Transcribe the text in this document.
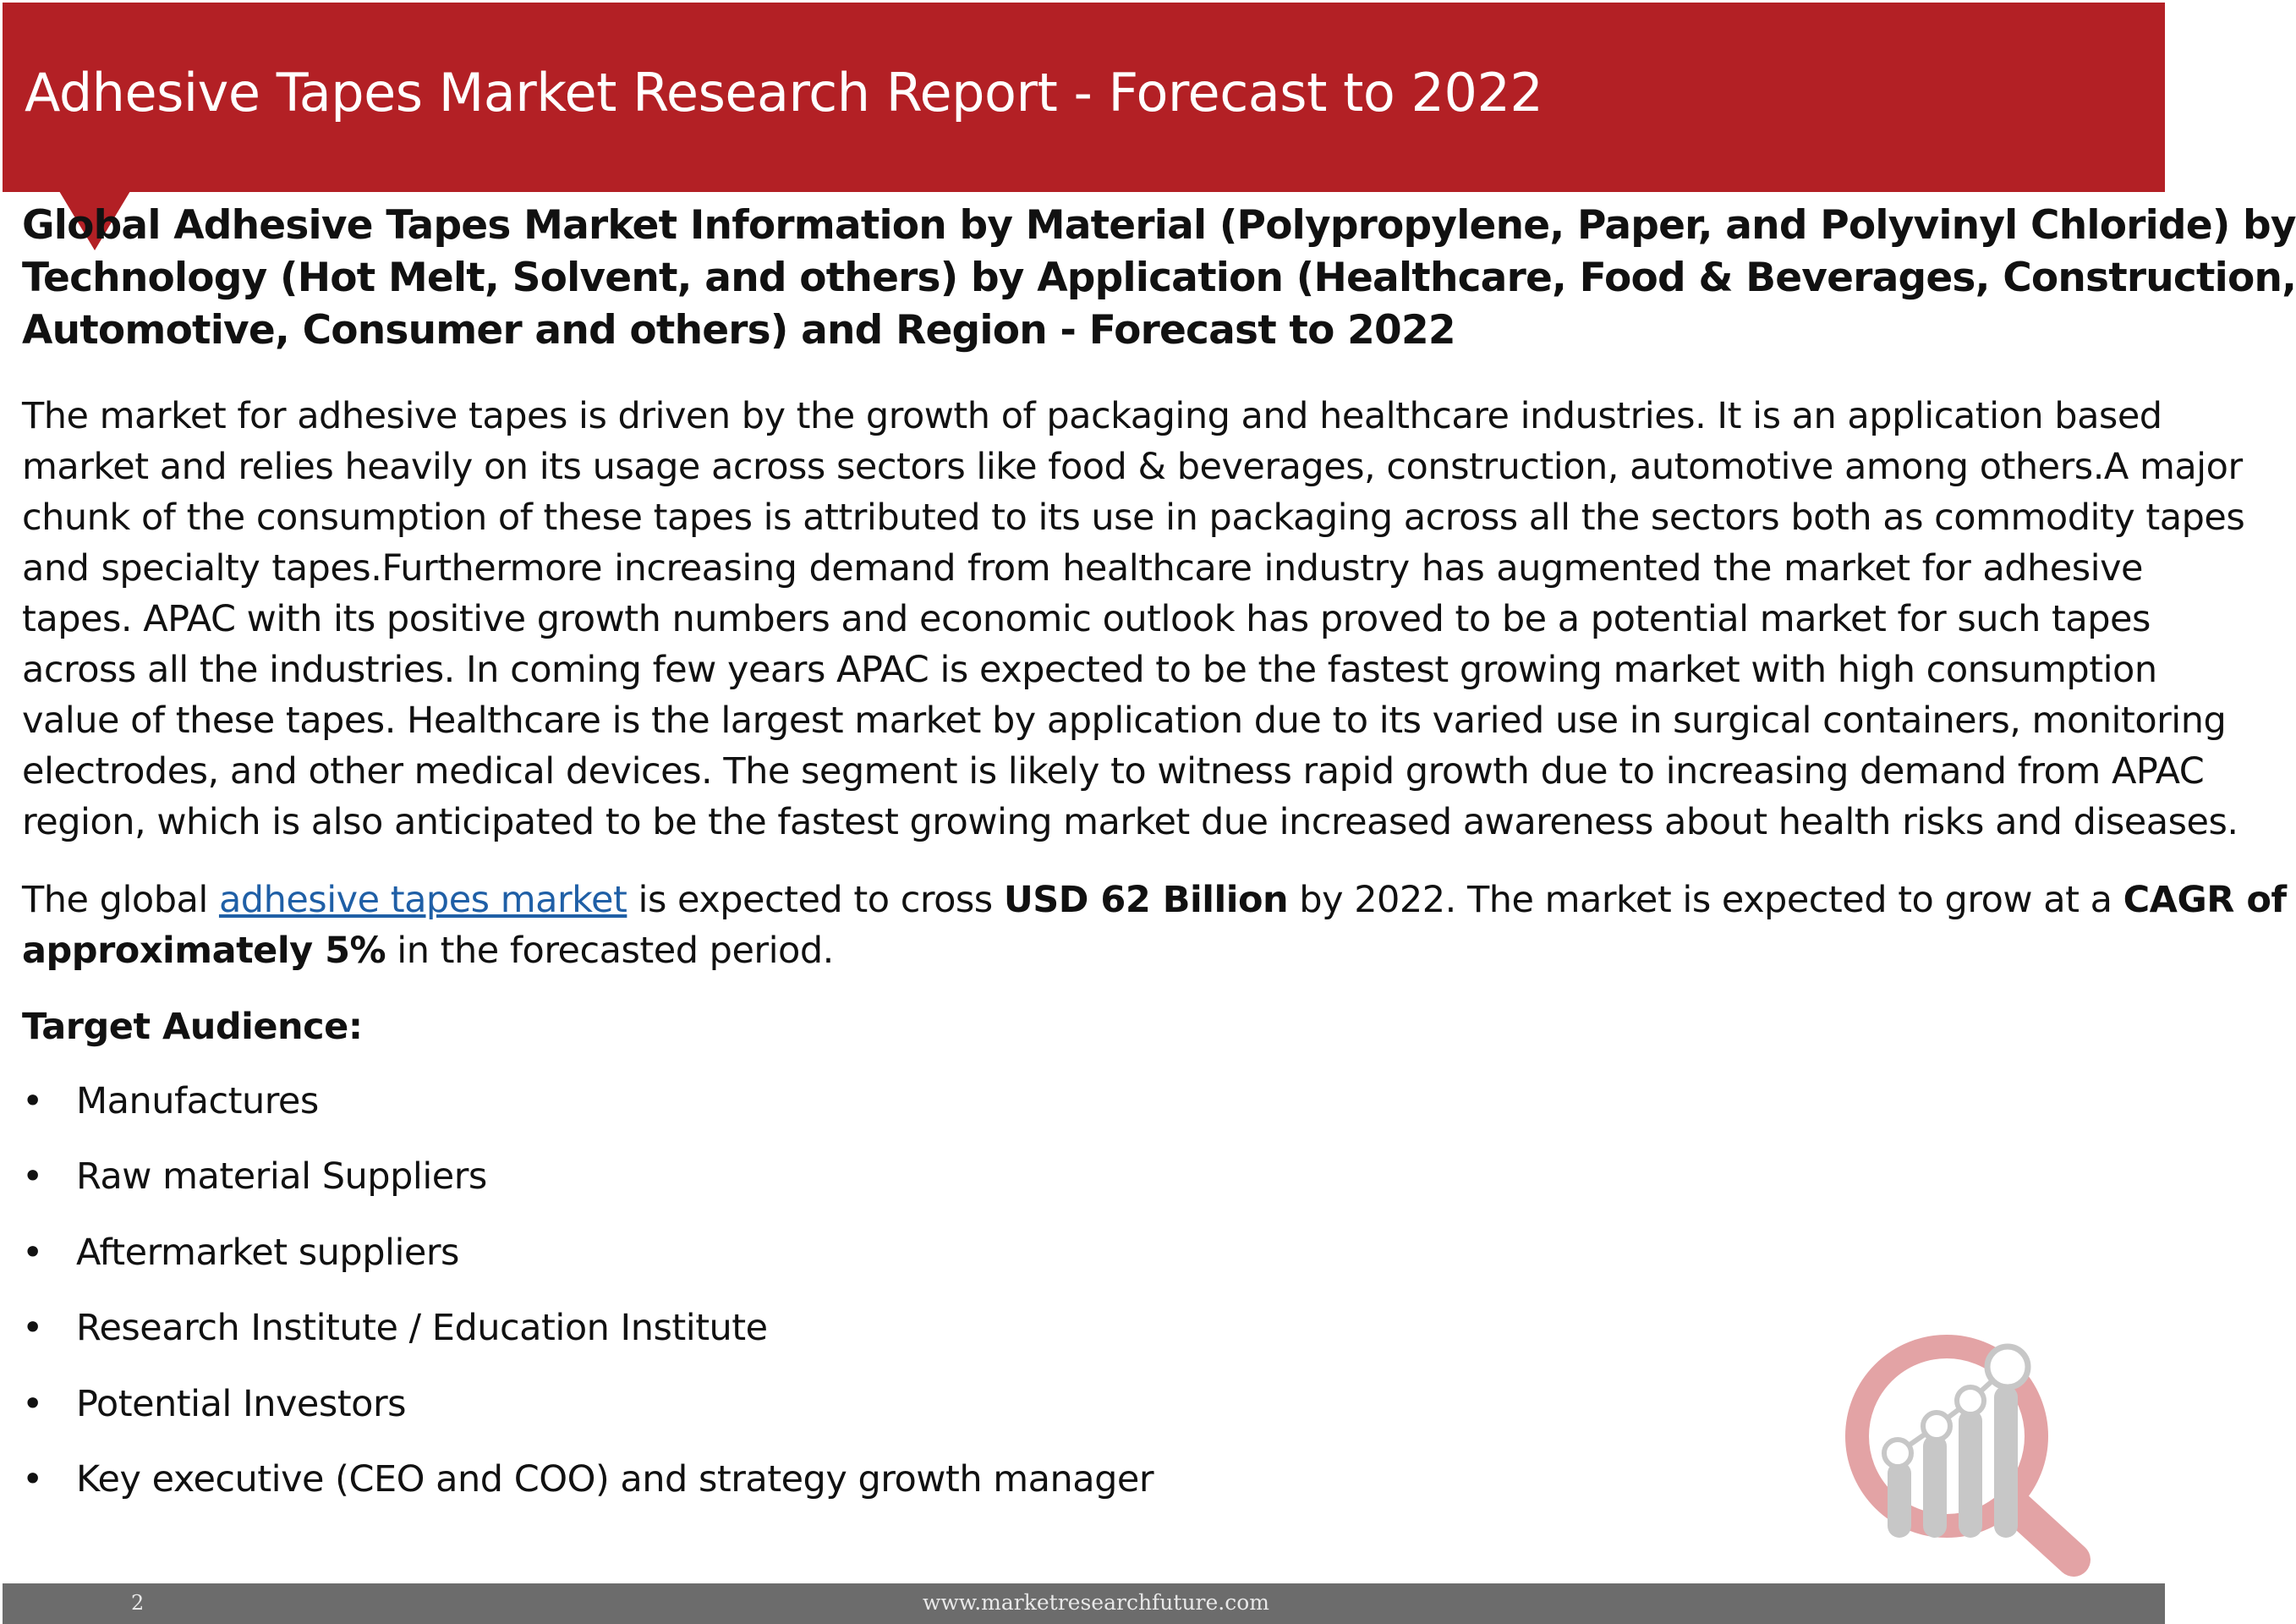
Adhesive Tapes Market Research Report - Forecast to 2022
Global Adhesive Tapes Market Information by Material (Polypropylene, Paper, and Polyvinyl Chloride) by
Technology (Hot Melt, Solvent, and others) by Application (Healthcare, Food & Beverages, Construction,
Automotive, Consumer and others) and Region - Forecast to 2022
The market for adhesive tapes is driven by the growth of packaging and healthcare industries. It is an application based
market and relies heavily on its usage across sectors like food & beverages, construction, automotive among others.A major
chunk of the consumption of these tapes is attributed to its use in packaging across all the sectors both as commodity tapes
and specialty tapes.Furthermore increasing demand from healthcare industry has augmented the market for adhesive
tapes. APAC with its positive growth numbers and economic outlook has proved to be a potential market for such tapes
across all the industries. In coming few years APAC is expected to be the fastest growing market with high consumption
value of these tapes. Healthcare is the largest market by application due to its varied use in surgical containers, monitoring
electrodes, and other medical devices. The segment is likely to witness rapid growth due to increasing demand from APAC
region, which is also anticipated to be the fastest growing market due increased awareness about health risks and diseases.
The global adhesive tapes market is expected to cross USD 62 Billion by 2022. The market is expected to grow at a CAGR of
approximately 5% in the forecasted period.

Target Audience:

• Manufactures
• Raw material Suppliers
• Aftermarket suppliers
• Research Institute / Education Institute
• Potential Investors
• Key executive (CEO and COO) and strategy growth manager
2	www.marketresearchfuture.com
